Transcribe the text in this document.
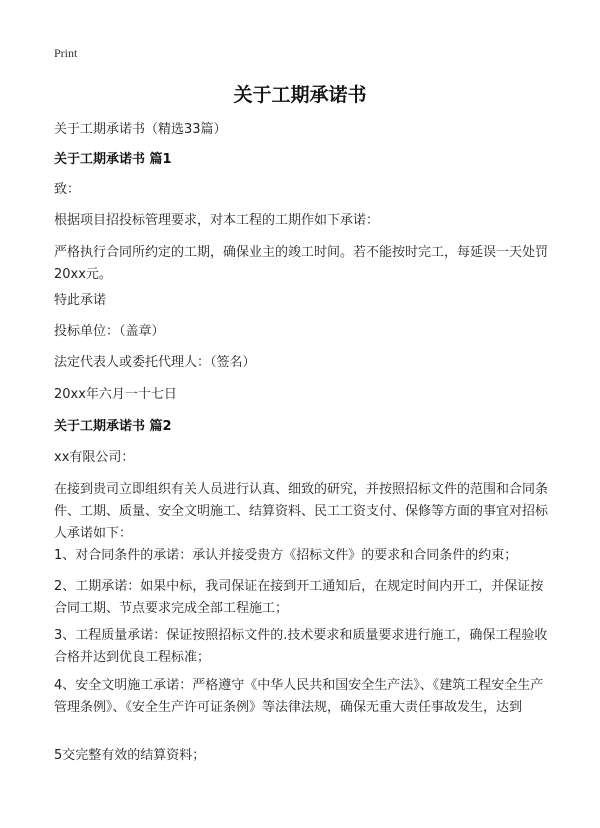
Print
关于工期承诺书
关于工期承诺书（精选33篇）
关于工期承诺书 篇1
致：
根据项目招投标管理要求，对本工程的工期作如下承诺：
严格执行合同所约定的工期，确保业主的竣工时间。若不能按时完工，每延误一天处罚20xx元。
特此承诺
投标单位：（盖章）
法定代表人或委托代理人：（签名）
20xx年六月一十七日
关于工期承诺书 篇2
xx有限公司：
在接到贵司立即组织有关人员进行认真、细致的研究，并按照招标文件的范围和合同条件、工期、质量、安全文明施工、结算资料、民工工资支付、保修等方面的事宜对招标人承诺如下：
1、对合同条件的承诺：承认并接受贵方《招标文件》的要求和合同条件的约束；
2、工期承诺：如果中标，我司保证在接到开工通知后，在规定时间内开工，并保证按合同工期、节点要求完成全部工程施工；
3、工程质量承诺：保证按照招标文件的.技术要求和质量要求进行施工，确保工程验收合格并达到优良工程标准；
4、安全文明施工承诺：严格遵守《中华人民共和国安全生产法》、《建筑工程安全生产管理条例》、《安全生产许可证条例》等法律法规，确保无重大责任事故发生，达到
5交完整有效的结算资料；
